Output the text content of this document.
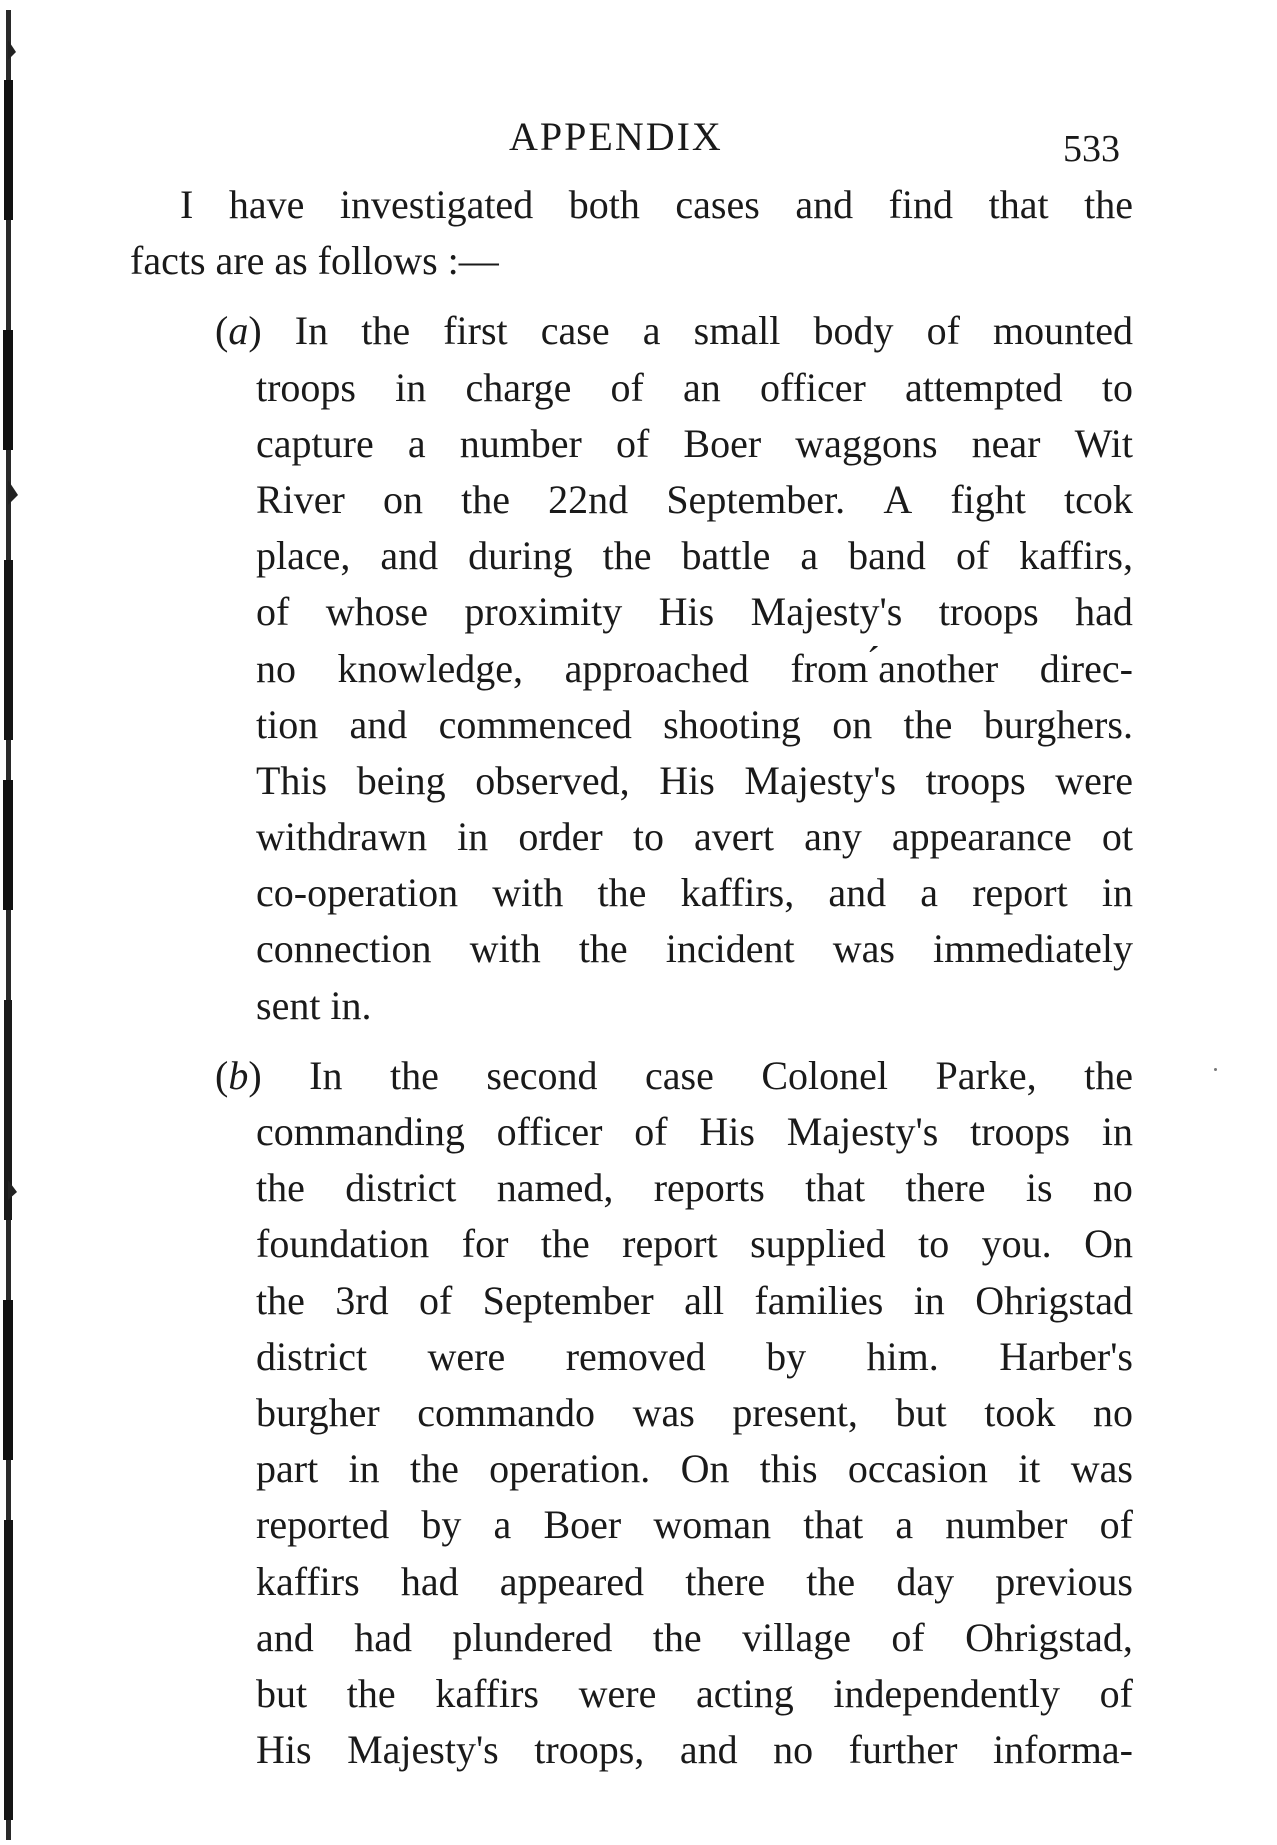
APPENDIX	533
I have investigated both cases and find that the
facts are as follows :—
(a) In the first case a small body of mounted
troops in charge of an officer attempted to
capture a number of Boer waggons near Wit
River on the 22nd September. A fight tcok
place, and during the battle a band of kaffirs,
of whose proximity His Majesty's troops had
no knowledge, approached from ́another direc-
tion and commenced shooting on the burghers.
This being observed, His Majesty's troops were
withdrawn in order to avert any appearance ot
co-operation with the kaffirs, and a report in
connection with the incident was immediately
sent in.
(b) In the second case Colonel Parke, the
commanding officer of His Majesty's troops in
the district named, reports that there is no
foundation for the report supplied to you. On
the 3rd of September all families in Ohrigstad
district were removed by him. Harber's
burgher commando was present, but took no
part in the operation. On this occasion it was
reported by a Boer woman that a number of
kaffirs had appeared there the day previous
and had plundered the village of Ohrigstad,
but the kaffirs were acting independently of
His Majesty's troops, and no further informa-
